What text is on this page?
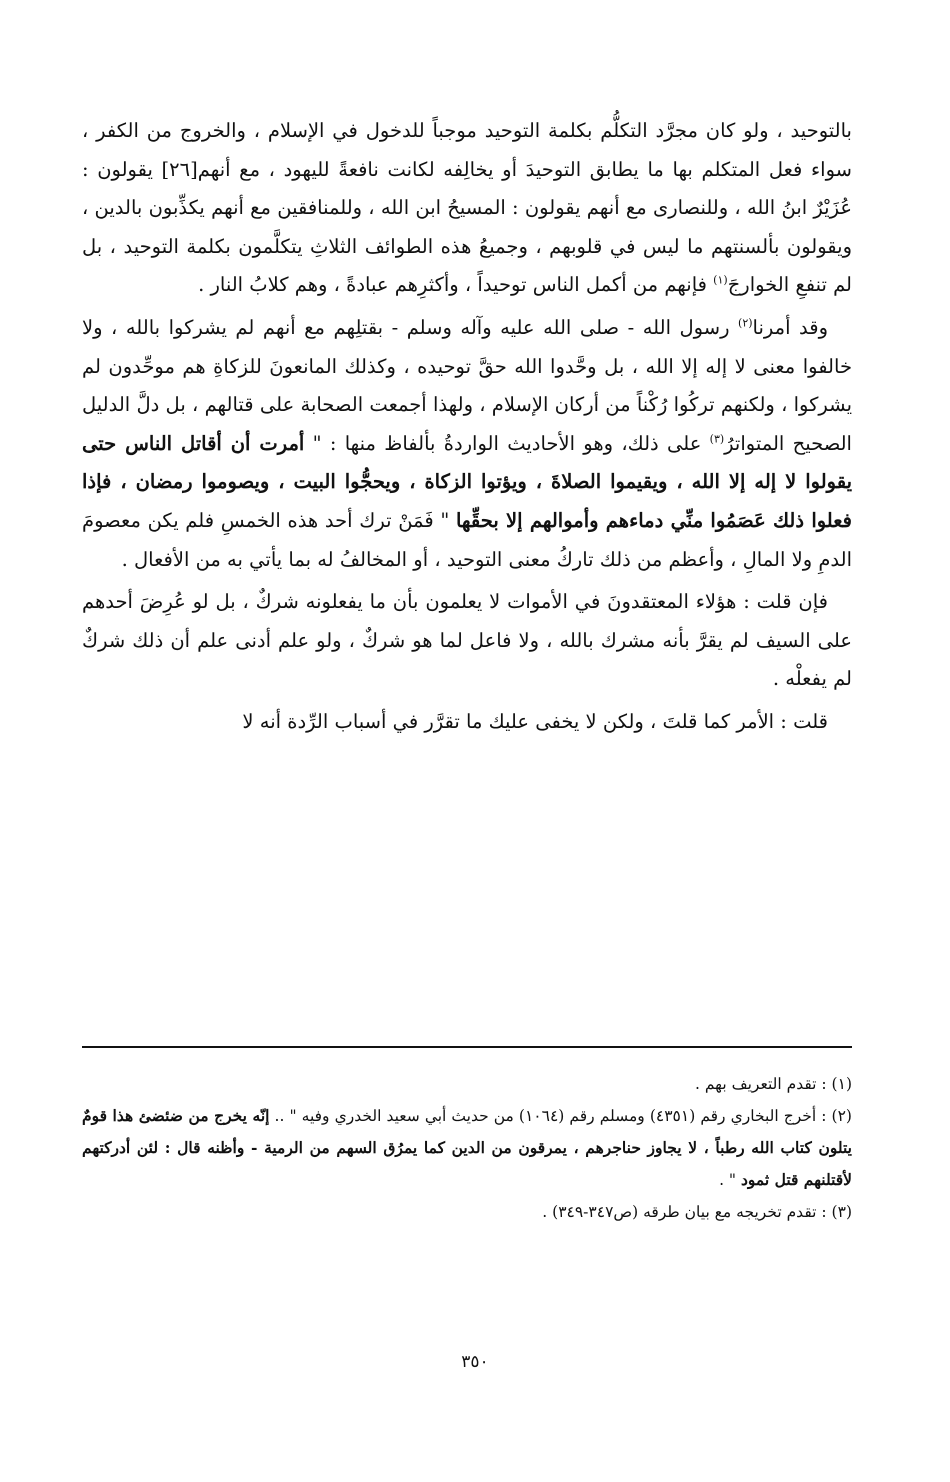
بالتوحيد ، ولو كان مجرَّد التكلُّم بكلمة التوحيد موجباً للدخول في الإسلام ، والخروج من الكفر ، سواء فعل المتكلم بها ما يطابق التوحيدَ أو يخالِفه لكانت نافعةً لليهود ، مع أنهم[٢٦] يقولون : عُزَيْرٌ ابنُ الله ، وللنصارى مع أنهم يقولون : المسيحُ ابن الله ، وللمنافقين مع أنهم يكذِّبون بالدين ، ويقولون بألسنتهم ما ليس في قلوبهم ، وجميعُ هذه الطوائف الثلاثِ يتكلَّمون بكلمة التوحيد ، بل لم تنفعِ الخوارجَ$^{(١)}$ فإنهم من أكمل الناس توحيداً ، وأكثرِهم عبادةً ، وهم كلابُ النار .

وقد أمرنا$^{(٢)}$ رسول الله - صلى الله عليه وآله وسلم - بقتلِهم مع أنهم لم يشركوا بالله ، ولا خالفوا معنى لا إله إلا الله ، بل وحَّدوا الله حقَّ توحيده ، وكذلك المانعونَ للزكاةِ هم موحِّدون لم يشركوا ، ولكنهم تركُوا رُكْناً من أركان الإسلام ، ولهذا أجمعت الصحابة على قتالهم ، بل دلَّ الدليل الصحيح المتواترُ$^{(٣)}$ على ذلك، وهو الأحاديث الواردةُ بألفاظ منها : " أمرت أن أقاتل الناس حتى يقولوا لا إله إلا الله ، ويقيموا الصلاةَ ، ويؤتوا الزكاة ، ويحجُّوا البيت ، ويصوموا رمضان ، فإذا فعلوا ذلك عَصَمُوا منِّي دماءهم وأموالهم إلا بحقِّها " فَمَنْ ترك أحد هذه الخمسِ فلم يكن معصومَ الدمِ ولا المالِ ، وأعظم من ذلك تاركُ معنى التوحيد ، أو المخالفُ له بما يأتي به من الأفعال .

فإن قلت : هؤلاء المعتقدونَ في الأموات لا يعلمون بأن ما يفعلونه شركٌ ، بل لو عُرِضَ أحدهم على السيف لم يقرَّ بأنه مشرك بالله ، ولا فاعل لما هو شركٌ ، ولو علم أدنى علم أن ذلك شركٌ لم يفعلْه .

قلت : الأمر كما قلتَ ، ولكن لا يخفى عليك ما تقرَّر في أسباب الرِّدة أنه لا

(١) : تقدم التعريف بهم .

(٢) : أخرج البخاري رقم (٤٣٥١) ومسلم رقم (١٠٦٤) من حديث أبي سعيد الخدري وفيه " .. إنّه يخرج من ضئضئ هذا قومٌ يتلون كتاب الله رطباً ، لا يجاوز حناجرهم ، يمرقون من الدين كما يمرُق السهم من الرمية - وأظنه قال : لئن أدركتهم لأقتلنهم قتل ثمود " .

(٣) : تقدم تخريجه مع بيان طرقه (ص٣٤٧-٣٤٩) .

٣٥٠
